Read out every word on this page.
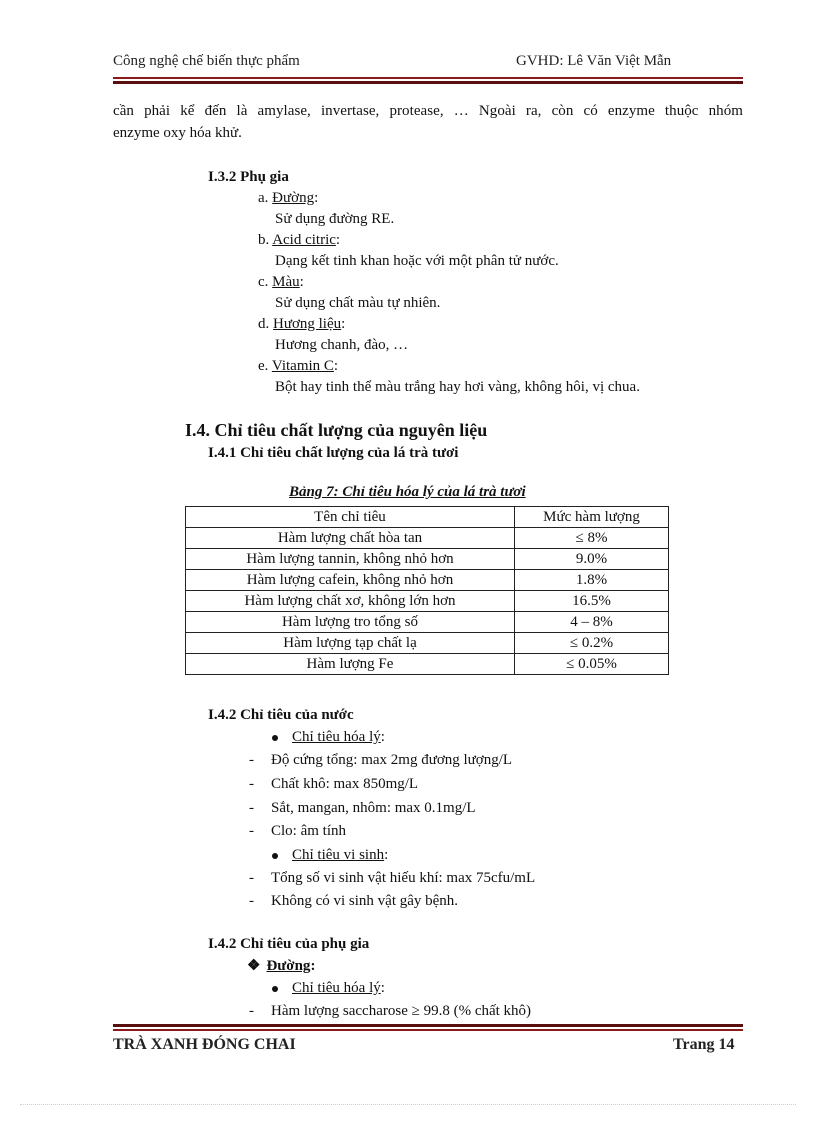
Công nghệ chế biến thực phẩm	GVHD: Lê Văn Việt Mẫn
cần phải kể đến là amylase, invertase, protease, … Ngoài ra, còn có enzyme thuộc nhóm
enzyme oxy hóa khử.
I.3.2 Phụ gia
a. Đường:
Sử dụng đường RE.
b. Acid citric:
Dạng kết tinh khan hoặc với một phân tử nước.
c. Màu:
Sử dụng chất màu tự nhiên.
d. Hương liệu:
Hương chanh, đào, …
e. Vitamin C:
Bột hay tinh thể màu trắng hay hơi vàng, không hôi, vị chua.
I.4. Chỉ tiêu chất lượng của nguyên liệu
I.4.1 Chỉ tiêu chất lượng của lá trà tươi
Bảng 7: Chỉ tiêu hóa lý của lá trà tươi
Tên chỉ tiêu	Mức hàm lượng
Hàm lượng chất hòa tan	≤ 8%
Hàm lượng tannin, không nhỏ hơn	9.0%
Hàm lượng cafein, không nhỏ hơn	1.8%
Hàm lượng chất xơ, không lớn hơn	16.5%
Hàm lượng tro tổng số	4 – 8%
Hàm lượng tạp chất lạ	≤ 0.2%
Hàm lượng Fe	≤ 0.05%
I.4.2 Chỉ tiêu của nước
Chỉ tiêu hóa lý:
- Độ cứng tổng: max 2mg đương lượng/L
- Chất khô: max 850mg/L
- Sắt, mangan, nhôm: max 0.1mg/L
- Clo: âm tính
Chỉ tiêu vi sinh:
- Tổng số vi sinh vật hiếu khí: max 75cfu/mL
- Không có vi sinh vật gây bệnh.
I.4.2 Chỉ tiêu của phụ gia
❖ Đường:
Chỉ tiêu hóa lý:
- Hàm lượng saccharose ≥ 99.8 (% chất khô)
TRÀ XANH ĐÓNG CHAI	Trang 14
